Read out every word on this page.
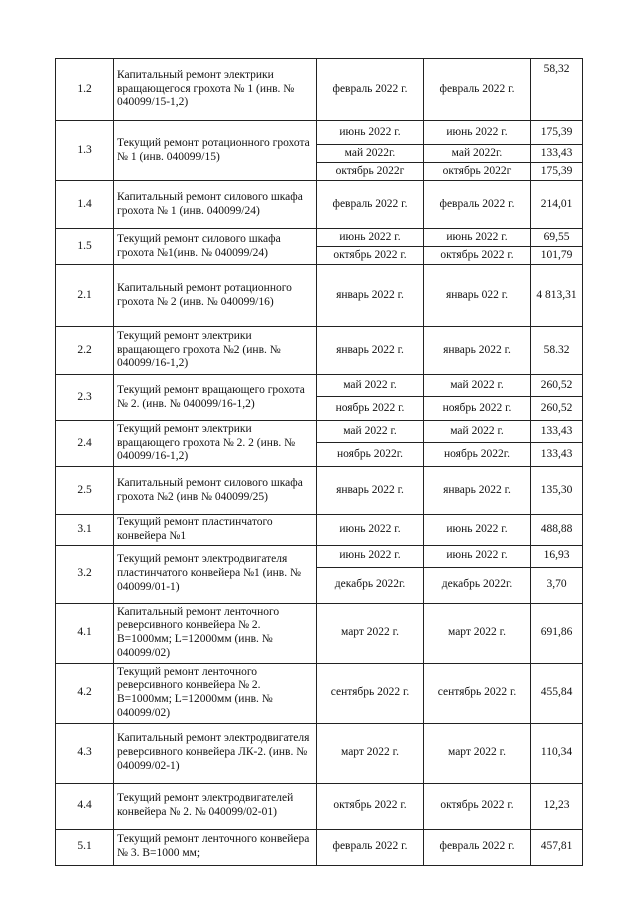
1.2	Капитальный ремонт электрики вращающегося грохота № 1 (инв. № 040099/15-1,2)	февраль 2022 г.	февраль 2022 г.	58,32
1.3	Текущий ремонт ротационного грохота № 1 (инв. 040099/15)	июнь 2022 г.	июнь 2022 г.	175,39
		май 2022г.	май 2022г.	133,43
		октябрь 2022г	октябрь 2022г	175,39
1.4	Капитальный ремонт силового шкафа грохота № 1 (инв. 040099/24)	февраль 2022 г.	февраль 2022 г.	214,01
1.5	Текущий ремонт силового шкафа грохота №1(инв. № 040099/24)	июнь 2022 г.	июнь 2022 г.	69,55
		октябрь 2022 г.	октябрь 2022 г.	101,79
2.1	Капитальный ремонт ротационного грохота № 2 (инв. № 040099/16)	январь 2022 г.	январь 022 г.	4 813,31
2.2	Текущий ремонт электрики вращающего грохота №2 (инв. № 040099/16-1,2)	январь 2022 г.	январь 2022 г.	58.32
2.3	Текущий ремонт вращающего грохота № 2. (инв. № 040099/16-1,2)	май 2022 г.	май 2022 г.	260,52
		ноябрь 2022 г.	ноябрь 2022 г.	260,52
2.4	Текущий ремонт электрики вращающего грохота № 2. 2 (инв. № 040099/16-1,2)	май 2022 г.	май 2022 г.	133,43
		ноябрь 2022г.	ноябрь 2022г.	133,43
2.5	Капитальный ремонт силового шкафа грохота №2 (инв № 040099/25)	январь 2022 г.	январь 2022 г.	135,30
3.1	Текущий ремонт пластинчатого конвейера №1	июнь 2022 г.	июнь 2022 г.	488,88
3.2	Текущий ремонт электродвигателя пластинчатого конвейера №1 (инв. № 040099/01-1)	июнь 2022 г.	июнь 2022 г.	16,93
		декабрь 2022г.	декабрь 2022г.	3,70
4.1	Капитальный ремонт ленточного реверсивного конвейера № 2. В=1000мм; L=12000мм (инв. № 040099/02)	март 2022 г.	март 2022 г.	691,86
4.2	Текущий ремонт ленточного реверсивного конвейера № 2. В=1000мм; L=12000мм (инв. № 040099/02)	сентябрь 2022 г.	сентябрь 2022 г.	455,84
4.3	Капитальный ремонт электродвигателя реверсивного конвейера ЛК-2. (инв. № 040099/02-1)	март 2022 г.	март 2022 г.	110,34
4.4	Текущий ремонт электродвигателей конвейера № 2. № 040099/02-01)	октябрь 2022 г.	октябрь 2022 г.	12,23
5.1	Текущий ремонт ленточного конвейера № 3. В=1000 мм;	февраль 2022 г.	февраль 2022 г.	457,81
